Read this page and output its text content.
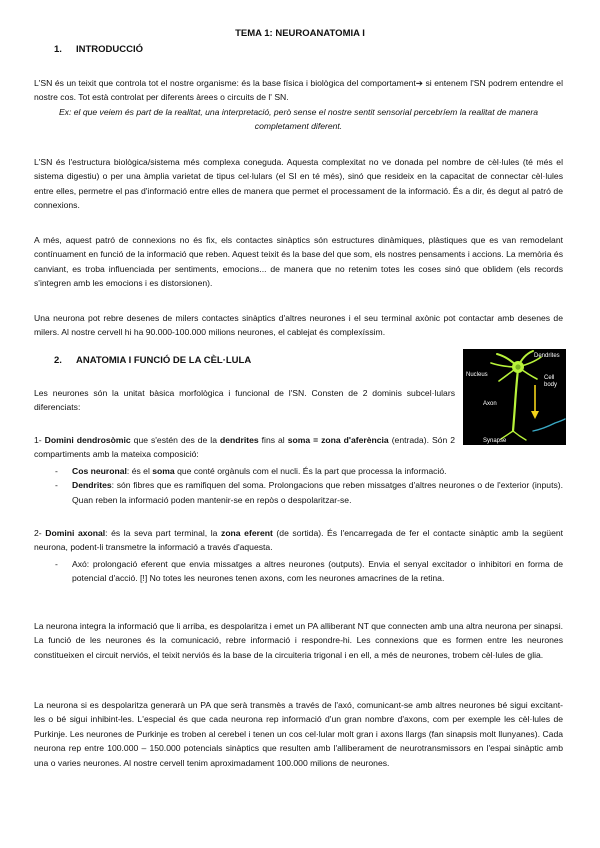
TEMA 1: NEUROANATOMIA I
1. INTRODUCCIÓ
L'SN és un teixit que controla tot el nostre organisme: és la base física i biològica del comportament➔ si entenem l'SN podrem entendre el nostre cos. Tot està controlat per diferents àrees o circuits de l' SN.
Ex: el que veiem és part de la realitat, una interpretació, però sense el nostre sentit sensorial percebríem la realitat de manera completament diferent.
L'SN és l'estructura biològica/sistema més complexa coneguda. Aquesta complexitat no ve donada pel nombre de cèl·lules (té més el sistema digestiu) o per una àmplia varietat de tipus cel·lulars (el SI en té més), sinó que resideix en la capacitat de connectar cèl·lules entre elles, permetre el pas d'informació entre elles de manera que permet el processament de la informació. És a dir, és degut al patró de connexions.
A més, aquest patró de connexions no és fix, els contactes sinàptics són estructures dinàmiques, plàstiques que es van remodelant contínuament en funció de la informació que reben. Aquest teixit és la base del que som, els nostres pensaments i accions. La memòria és canviant, es troba influenciada per sentiments, emocions... de manera que no retenim totes les coses sinó que oblidem (els records s'integren amb les emocions i es distorsionen).
Una neurona pot rebre desenes de milers contactes sinàptics d'altres neurones i el seu terminal axònic pot contactar amb desenes de milers. Al nostre cervell hi ha 90.000-100.000 milions neurones, el cablejat és complexíssim.
2. ANATOMIA I FUNCIÓ DE LA CÈL·LULA
Les neurones són la unitat bàsica morfològica i funcional de l'SN. Consten de 2 dominis subcel·lulars diferenciats:
1- Domini dendrosòmic que s'estén des de la dendrites fins al soma = zona d'aferència (entrada). Són 2 compartiments amb la mateixa composició:
-	Cos neuronal: és el soma que conté orgànuls com el nucli. És la part que processa la informació.
-	Dendrites: són fibres que es ramifiquen del soma. Prolongacions que reben missatges d'altres neurones o de l'exterior (inputs). Quan reben la informació poden mantenir-se en repòs o despolaritzar-se.
2- Domini axonal: és la seva part terminal, la zona eferent (de sortida). És l'encarregada de fer el contacte sinàptic amb la següent neurona, podent-li transmetre la informació a través d'aquesta.
-	Axó: prolongació eferent que envia missatges a altres neurones (outputs). Envia el senyal excitador o inhibitori en forma de potencial d'acció. [!] No totes les neurones tenen axons, com les neurones amacrines de la retina.
La neurona integra la informació que li arriba, es despolaritza i emet un PA alliberant NT que connecten amb una altra neurona per sinapsi. La funció de les neurones és la comunicació, rebre informació i respondre-hi. Les connexions que es formen entre les neurones constitueixen el circuit nerviós, el teixit nerviós és la base de la circuiteria trigonal i en ell, a més de neurones, trobem cèl·lules de glia.
La neurona si es despolaritza generarà un PA que serà transmès a través de l'axó, comunicant-se amb altres neurones bé sigui excitant-les o bé sigui inhibint-les. L'especial és que cada neurona rep informació d'un gran nombre d'axons, com per exemple les cèl·lules de Purkinje. Les neurones de Purkinje es troben al cerebel i tenen un cos cel·lular molt gran i axons llargs (fan sinapsis molt llunyanes). Cada neurona rep entre 100.000 – 150.000 potencials sinàptics que resulten amb l'alliberament de neurotransmissors en l'espai sinàptic amb una o varies neurones. Al nostre cervell tenim aproximadament 100.000 milions de neurones.
Dendrites
Nucleus	Cell body
Axon
Synapse
